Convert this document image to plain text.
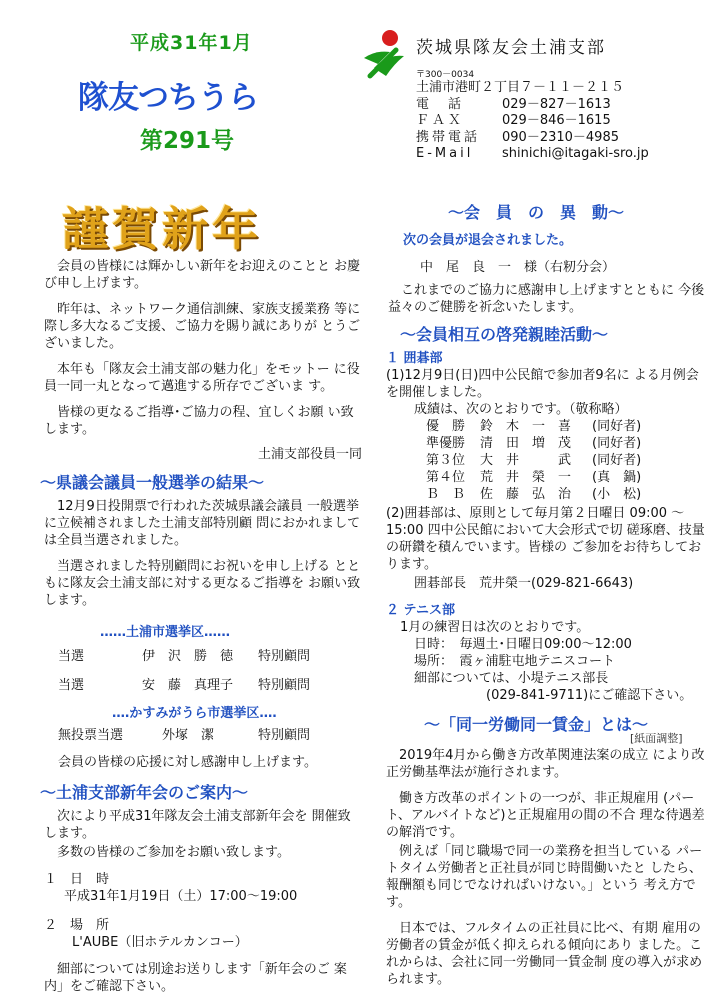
平成31年1月
隊友つちうら
第291号
茨城県隊友会土浦支部
〒300－0034
土浦市港町２丁目７－１１－２１５
電　話	029－827－1613
ＦＡＸ	029－846－1615
携帯電話 090－2310－4985
E-Mail shinichi@itagaki-sro.jp
謹賀新年

会員の皆様には輝かしい新年をお迎えのことと お慶び申し上げます。

昨年は、ネットワーク通信訓練、家族支援業務 等に際し多大なるご支援、ご協力を賜り誠にありが とうございました。

本年も「隊友会土浦支部の魅力化」をモットー に役員一同一丸となって邁進する所存でございま す。

皆様の更なるご指導･ご協力の程、宜しくお願 い致します。

土浦支部役員一同

～県議会議員一般選挙の結果～

12月9日投開票で行われた茨城県議会議員 一般選挙に立候補されました土浦支部特別顧 問におかれましては全員当選されました。

当選されました特別顧問にお祝いを申し上げる とともに隊友会土浦支部に対する更なるご指導を お願い致します。

‥‥‥土浦市選挙区‥‥‥
当選	伊　沢　勝　徳	特別顧問
当選	安　藤　真理子	特別顧問
‥‥かすみがうら市選挙区‥‥
無投票当選	外塚　潔	特別顧問
会員の皆様の応援に対し感謝申し上げます。
～土浦支部新年会のご案内～

次により平成31年隊友会土浦支部新年会を 開催致します。

多数の皆様のご参加をお願い致します。

１　日　時

平成31年1月19日（土）17:00～19:00

２　場　所

L'AUBE（旧ホテルカンコー）

細部については別途お送りします「新年会のご 案内」をご確認下さい。

～会　員　の　異　動～
次の会員が退会されました。
中　尾　良　一　様（右籾分会）

これまでのご協力に感謝申し上げますとともに 今後益々のご健勝を祈念いたします。

～会員相互の啓発親睦活動～

１ 囲碁部

(1)12月9日(日)四中公民館で参加者9名に よる月例会を開催しました。

成績は、次のとおりです。（敬称略）

優　勝	鈴　木　一　喜	(同好者)
準優勝	清　田　増　茂	(同好者)
第３位	大　井　　　武	(同好者)
第４位	荒　井　榮　一	(真　鍋)
Ｂ　Ｂ	佐　藤　弘　治	(小　松)

(2)囲碁部は、原則として毎月第２日曜日 09:00 ～ 15:00 四中公民館において大会形式で切 磋琢磨、技量の研鑽を積んでいます。皆様の ご参加をお待ちしております。

囲碁部長　荒井榮一(029-821-6643)

２ テニス部

1月の練習日は次のとおりです。

日時：　毎週土･日曜日09:00～12:00

場所：　霞ヶ浦駐屯地テニスコート

細部については、小堤テニス部長

(029-841-9711)にご確認下さい。

～「同一労働同一賃金」とは～
[紙面調整]

2019年4月から働き方改革関連法案の成立 により改正労働基準法が施行されます。

働き方改革のポイントの一つが、非正規雇用 (パート、アルバイトなど)と正規雇用の間の不合 理な待遇差の解消です。

例えば「同じ職場で同一の業務を担当している パートタイム労働者と正社員が同じ時間働いたと したら、報酬額も同じでなければいけない。」という 考え方です。

日本では、フルタイムの正社員に比べ、有期 雇用の労働者の賃金が低く抑えられる傾向にあり ました。これからは、会社に同一労働同一賃金制 度の導入が求められます。
